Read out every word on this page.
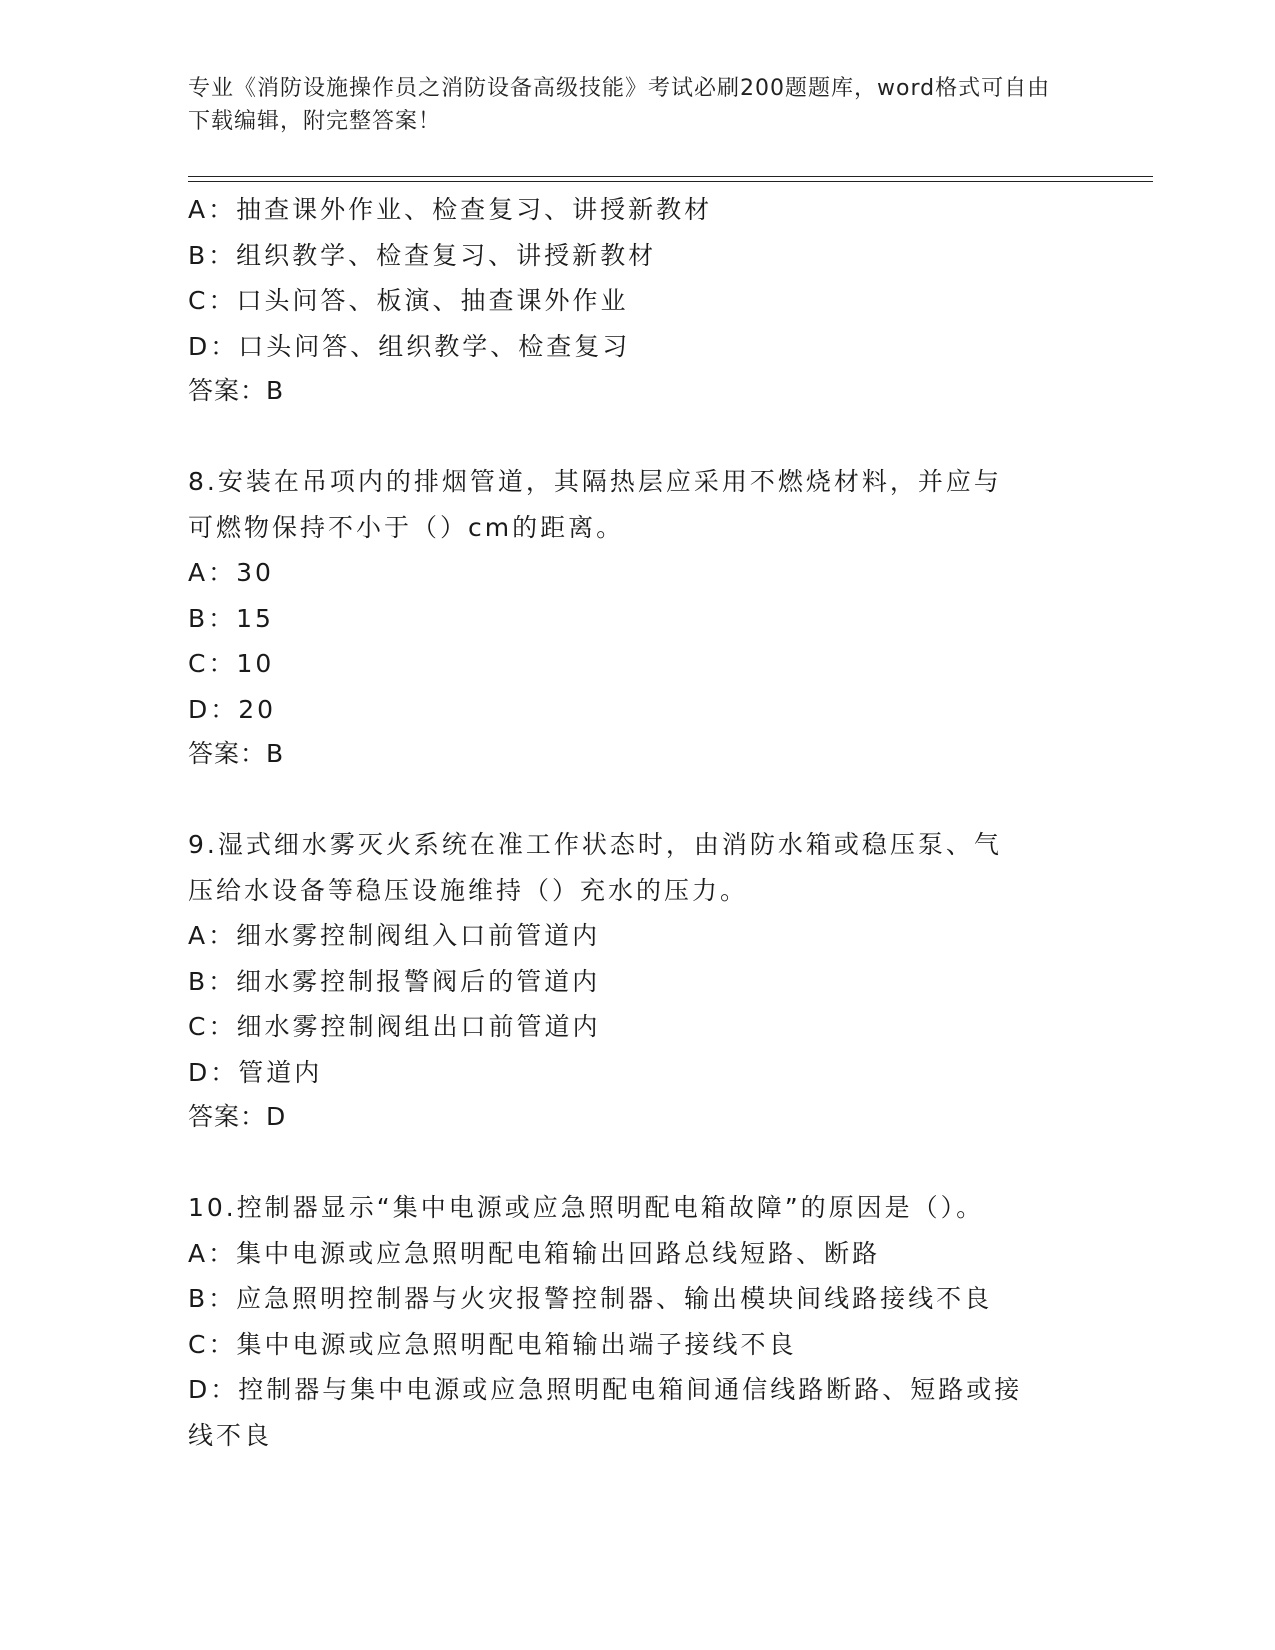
专业《消防设施操作员之消防设备高级技能》考试必刷200题题库，word格式可自由下载编辑，附完整答案！
A：抽查课外作业、检查复习、讲授新教材
B：组织教学、检查复习、讲授新教材
C：口头问答、板演、抽查课外作业
D：口头问答、组织教学、检查复习
答案：B
8.安装在吊项内的排烟管道，其隔热层应采用不燃烧材料，并应与可燃物保持不小于（）cm的距离。
A：30
B：15
C：10
D：20
答案：B
9.湿式细水雾灭火系统在准工作状态时，由消防水箱或稳压泵、气压给水设备等稳压设施维持（）充水的压力。
A：细水雾控制阀组入口前管道内
B：细水雾控制报警阀后的管道内
C：细水雾控制阀组出口前管道内
D：管道内
答案：D
10.控制器显示“集中电源或应急照明配电箱故障”的原因是（）。
A：集中电源或应急照明配电箱输出回路总线短路、断路
B：应急照明控制器与火灾报警控制器、输出模块间线路接线不良
C：集中电源或应急照明配电箱输出端子接线不良
D：控制器与集中电源或应急照明配电箱间通信线路断路、短路或接线不良
